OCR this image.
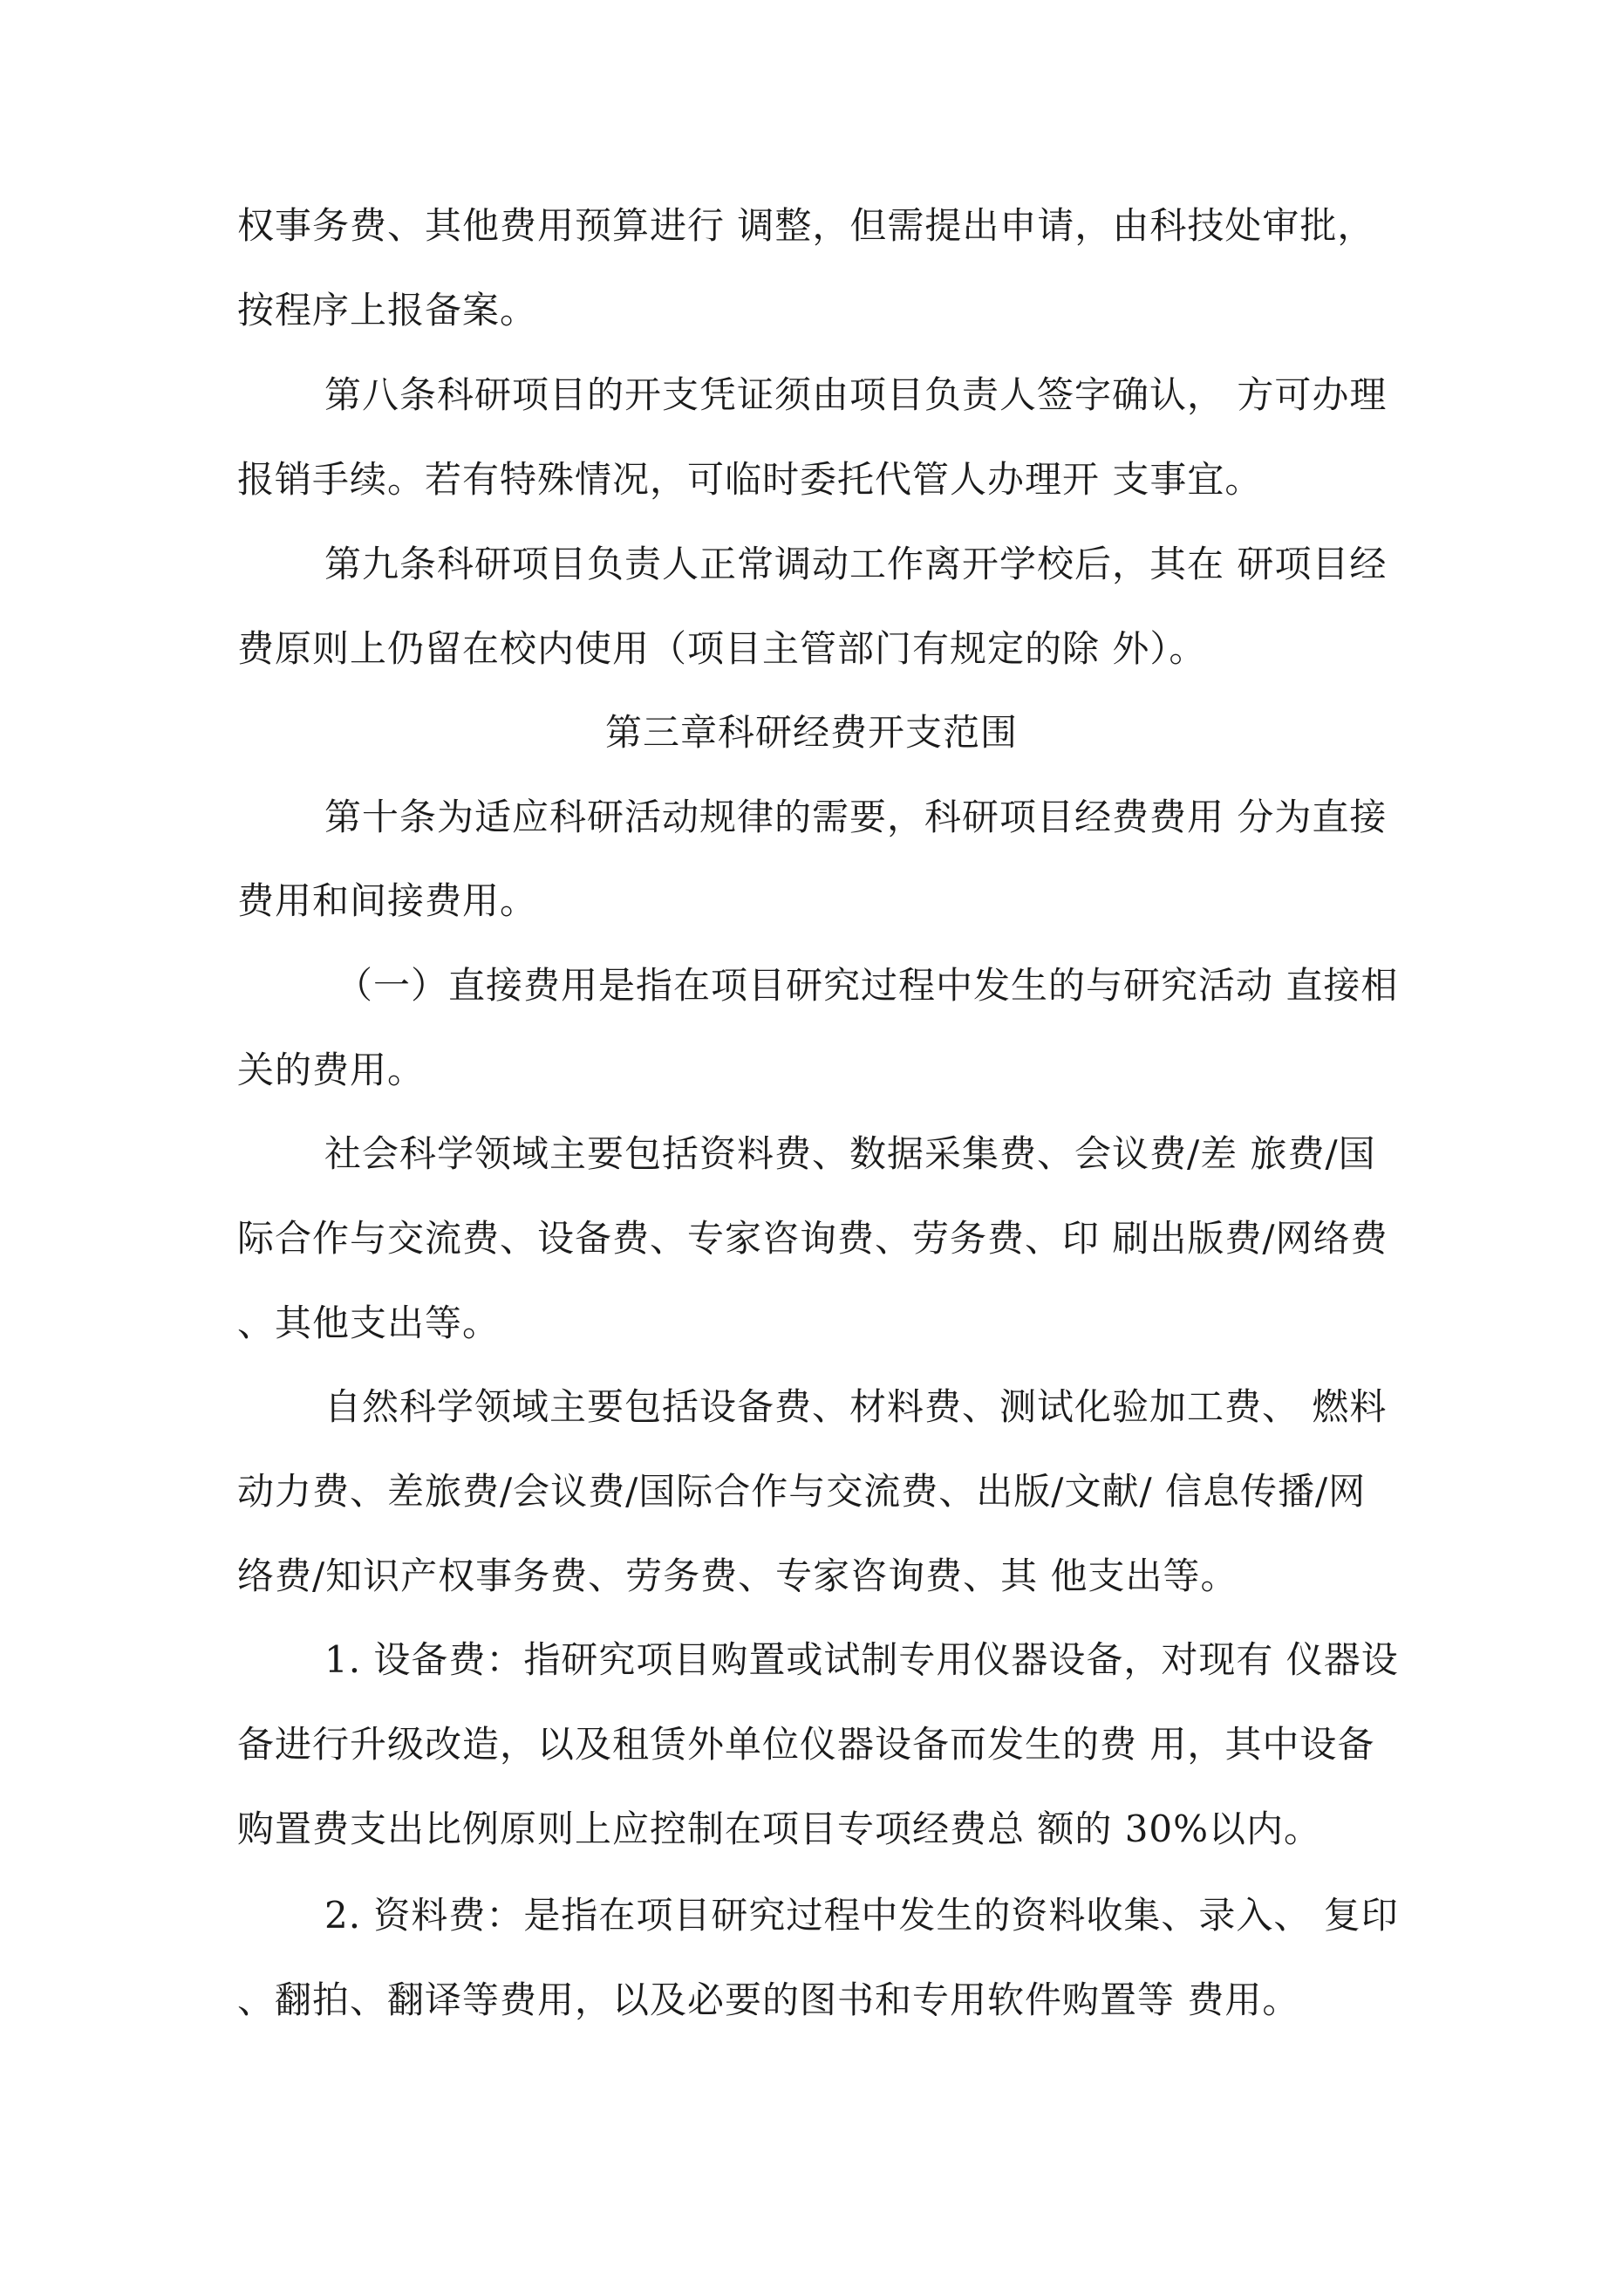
权事务费、其他费用预算进行 调整，但需提出申请，由科技处审批，
按程序上报备案。
第八条科研项目的开支凭证须由项目负责人签字确认， 方可办理
报销手续。若有特殊情况，可临时委托代管人办理开 支事宜。
第九条科研项目负责人正常调动工作离开学校后，其在 研项目经
费原则上仍留在校内使用（项目主管部门有规定的除 外）。
第三章科研经费开支范围
第十条为适应科研活动规律的需要，科研项目经费费用 分为直接
费用和间接费用。
（一）直接费用是指在项目研究过程中发生的与研究活动 直接相
关的费用。
社会科学领域主要包括资料费、数据采集费、会议费/差 旅费/国
际合作与交流费、设备费、专家咨询费、劳务费、印 刷出版费/网络费
、其他支出等。
自然科学领域主要包括设备费、材料费、测试化验加工费、 燃料
动力费、差旅费/会议费/国际合作与交流费、出版/文献/ 信息传播/网
络费/知识产权事务费、劳务费、专家咨询费、其 他支出等。
1. 设备费：指研究项目购置或试制专用仪器设备，对现有 仪器设
备进行升级改造，以及租赁外单位仪器设备而发生的费 用，其中设备
购置费支出比例原则上应控制在项目专项经费总 额的 30%以内。
2. 资料费：是指在项目研究过程中发生的资料收集、录入、 复印
、翻拍、翻译等费用，以及必要的图书和专用软件购置等 费用。
